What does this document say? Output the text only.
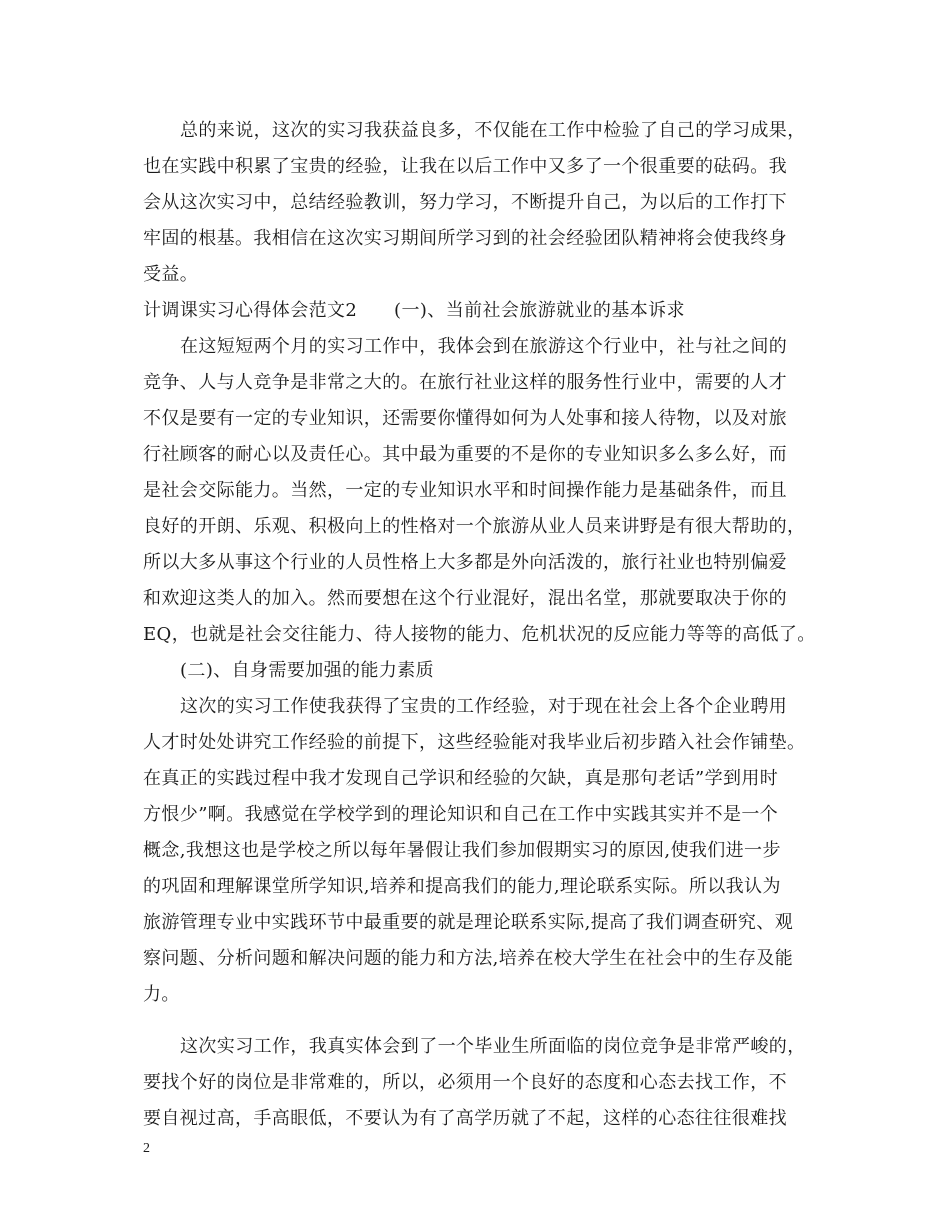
总的来说，这次的实习我获益良多，不仅能在工作中检验了自己的学习成果，
也在实践中积累了宝贵的经验，让我在以后工作中又多了一个很重要的砝码。我
会从这次实习中，总结经验教训，努力学习，不断提升自己，为以后的工作打下
牢固的根基。我相信在这次实习期间所学习到的社会经验团队精神将会使我终身
受益。
计调课实习心得体会范文2　　(一)、当前社会旅游就业的基本诉求
在这短短两个月的实习工作中，我体会到在旅游这个行业中，社与社之间的
竞争、人与人竞争是非常之大的。在旅行社业这样的服务性行业中，需要的人才
不仅是要有一定的专业知识，还需要你懂得如何为人处事和接人待物，以及对旅
行社顾客的耐心以及责任心。其中最为重要的不是你的专业知识多么多么好，而
是社会交际能力。当然，一定的专业知识水平和时间操作能力是基础条件，而且
良好的开朗、乐观、积极向上的性格对一个旅游从业人员来讲野是有很大帮助的，
所以大多从事这个行业的人员性格上大多都是外向活泼的，旅行社业也特别偏爱
和欢迎这类人的加入。然而要想在这个行业混好，混出名堂，那就要取决于你的
EQ，也就是社会交往能力、待人接物的能力、危机状况的反应能力等等的高低了。
(二)、自身需要加强的能力素质
这次的实习工作使我获得了宝贵的工作经验，对于现在社会上各个企业聘用
人才时处处讲究工作经验的前提下，这些经验能对我毕业后初步踏入社会作铺垫。
在真正的实践过程中我才发现自己学识和经验的欠缺，真是那句老话”学到用时
方恨少”啊。我感觉在学校学到的理论知识和自己在工作中实践其实并不是一个
概念,我想这也是学校之所以每年暑假让我们参加假期实习的原因,使我们进一步
的巩固和理解课堂所学知识,培养和提高我们的能力,理论联系实际。所以我认为
旅游管理专业中实践环节中最重要的就是理论联系实际,提高了我们调查研究、观
察问题、分析问题和解决问题的能力和方法,培养在校大学生在社会中的生存及能
力。
这次实习工作，我真实体会到了一个毕业生所面临的岗位竞争是非常严峻的，
要找个好的岗位是非常难的，所以，必须用一个良好的态度和心态去找工作，不
要自视过高，手高眼低，不要认为有了高学历就了不起，这样的心态往往很难找
2
